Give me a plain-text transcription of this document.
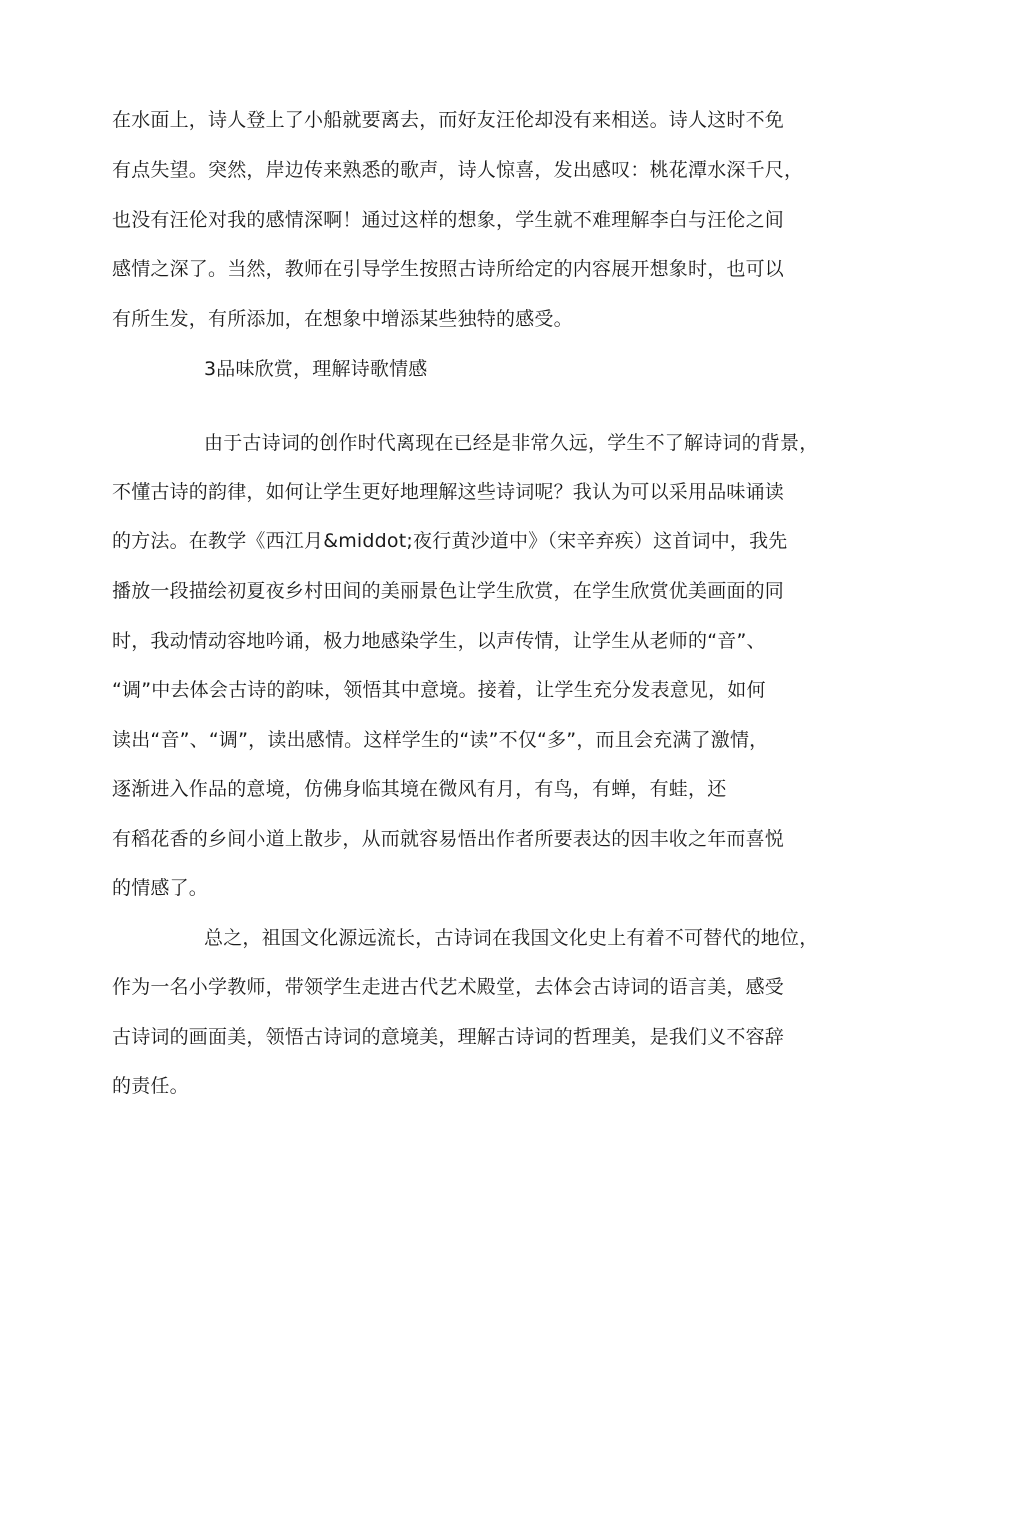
在水面上，诗人登上了小船就要离去，而好友汪伦却没有来相送。诗人这时不免
有点失望。突然，岸边传来熟悉的歌声，诗人惊喜，发出感叹：桃花潭水深千尺，
也没有汪伦对我的感情深啊！通过这样的想象，学生就不难理解李白与汪伦之间
感情之深了。当然，教师在引导学生按照古诗所给定的内容展开想象时，也可以
有所生发，有所添加，在想象中增添某些独特的感受。
3品味欣赏，理解诗歌情感
由于古诗词的创作时代离现在已经是非常久远，学生不了解诗词的背景，
不懂古诗的韵律，如何让学生更好地理解这些诗词呢？我认为可以采用品味诵读
的方法。在教学《西江月&middot;夜行黄沙道中》（宋辛弃疾）这首词中，我先
播放一段描绘初夏夜乡村田间的美丽景色让学生欣赏，在学生欣赏优美画面的同
时，我动情动容地吟诵，极力地感染学生，以声传情，让学生从老师的“音”、
“调”中去体会古诗的韵味，领悟其中意境。接着，让学生充分发表意见，如何
读出“音”、“调”，读出感情。这样学生的“读”不仅“多”，而且会充满了激情，
逐渐进入作品的意境，仿佛身临其境在微风有月，有鸟，有蝉，有蛙，还
有稻花香的乡间小道上散步，从而就容易悟出作者所要表达的因丰收之年而喜悦
的情感了。
总之，祖国文化源远流长，古诗词在我国文化史上有着不可替代的地位，
作为一名小学教师，带领学生走进古代艺术殿堂，去体会古诗词的语言美，感受
古诗词的画面美，领悟古诗词的意境美，理解古诗词的哲理美，是我们义不容辞
的责任。
